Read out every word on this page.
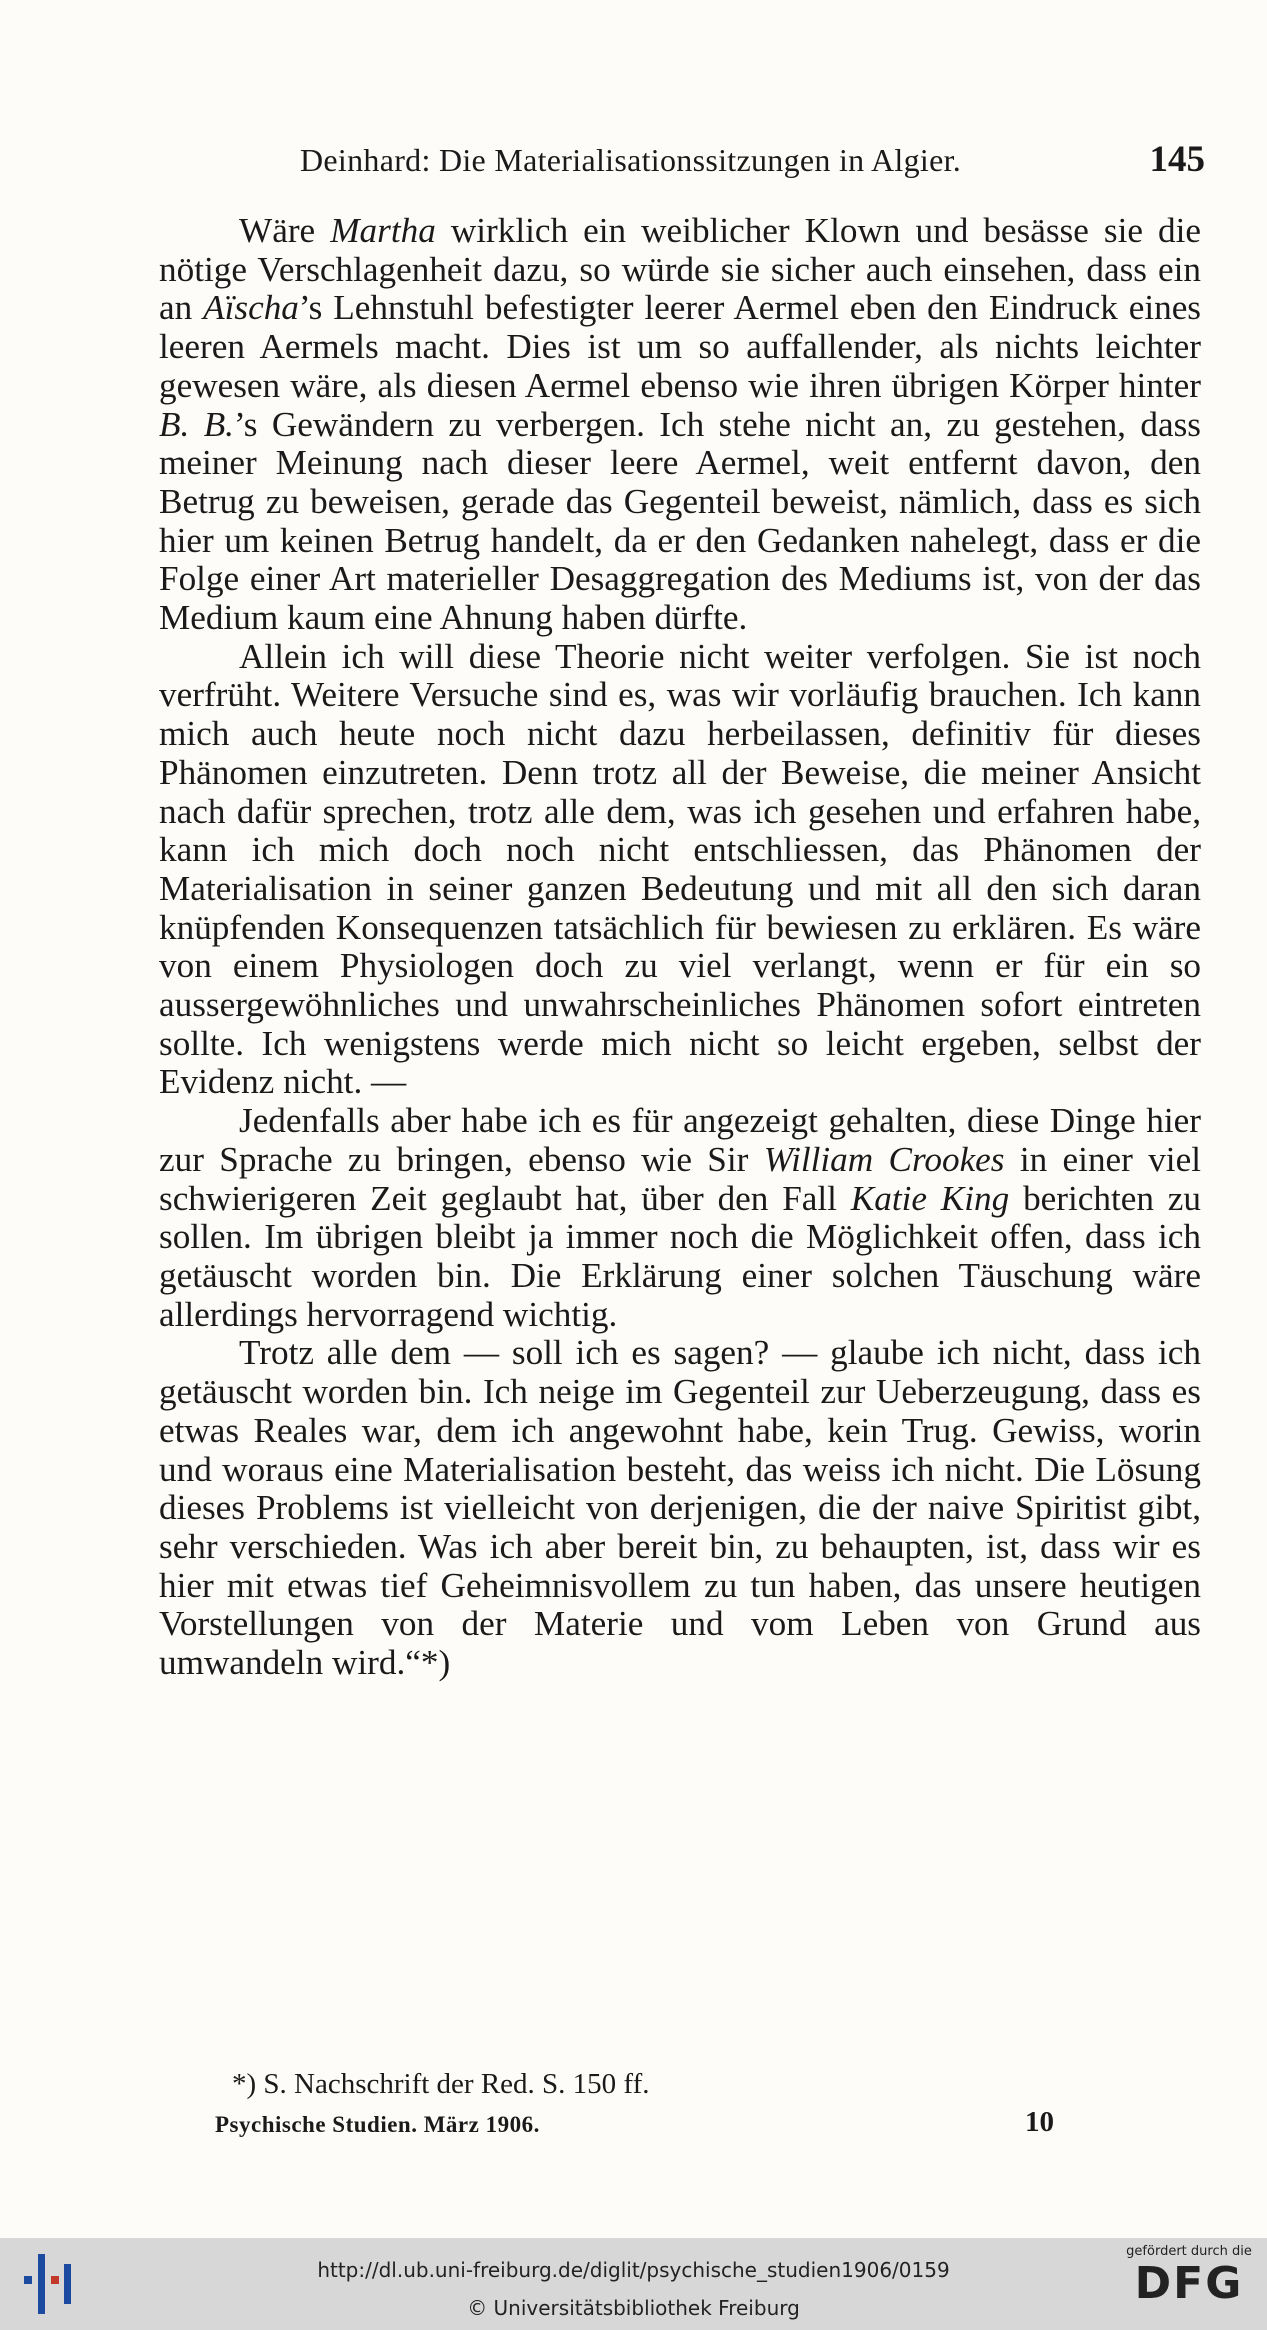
Deinhard: Die Materialisationssitzungen in Algier.	145

Wäre Martha wirklich ein weiblicher Klown und besässe sie die nötige Verschlagenheit dazu, so würde sie sicher auch einsehen, dass ein an Aïscha’s Lehnstuhl befestigter leerer Aermel eben den Eindruck eines leeren Aermels macht. Dies ist um so auffallender, als nichts leichter gewesen wäre, als diesen Aermel ebenso wie ihren übrigen Körper hinter B. B.’s Gewändern zu verbergen. Ich stehe nicht an, zu gestehen, dass meiner Meinung nach dieser leere Aermel, weit entfernt davon, den Betrug zu beweisen, gerade das Gegenteil beweist, nämlich, dass es sich hier um keinen Betrug handelt, da er den Gedanken nahelegt, dass er die Folge einer Art materieller Desaggregation des Mediums ist, von der das Medium kaum eine Ahnung haben dürfte.

Allein ich will diese Theorie nicht weiter verfolgen. Sie ist noch verfrüht. Weitere Versuche sind es, was wir vorläufig brauchen. Ich kann mich auch heute noch nicht dazu herbeilassen, definitiv für dieses Phänomen einzutreten. Denn trotz all der Beweise, die meiner Ansicht nach dafür sprechen, trotz alle dem, was ich gesehen und erfahren habe, kann ich mich doch noch nicht entschliessen, das Phänomen der Materialisation in seiner ganzen Bedeutung und mit all den sich daran knüpfenden Konsequenzen tatsächlich für bewiesen zu erklären. Es wäre von einem Physiologen doch zu viel verlangt, wenn er für ein so aussergewöhnliches und unwahrscheinliches Phänomen sofort eintreten sollte. Ich wenigstens werde mich nicht so leicht ergeben, selbst der Evidenz nicht. —

Jedenfalls aber habe ich es für angezeigt gehalten, diese Dinge hier zur Sprache zu bringen, ebenso wie Sir William Crookes in einer viel schwierigeren Zeit geglaubt hat, über den Fall Katie King berichten zu sollen. Im übrigen bleibt ja immer noch die Möglichkeit offen, dass ich getäuscht worden bin. Die Erklärung einer solchen Täuschung wäre allerdings hervorragend wichtig.

Trotz alle dem — soll ich es sagen? — glaube ich nicht, dass ich getäuscht worden bin. Ich neige im Gegenteil zur Ueberzeugung, dass es etwas Reales war, dem ich angewohnt habe, kein Trug. Gewiss, worin und woraus eine Materialisation besteht, das weiss ich nicht. Die Lösung dieses Problems ist vielleicht von derjenigen, die der naive Spiritist gibt, sehr verschieden. Was ich aber bereit bin, zu behaupten, ist, dass wir es hier mit etwas tief Geheimnisvollem zu tun haben, das unsere heutigen Vorstellungen von der Materie und vom Leben von Grund aus umwandeln wird.“*)

*) S. Nachschrift der Red. S. 150 ff.
Psychische Studien. März 1906.	10
http://dl.ub.uni-freiburg.de/diglit/psychische_studien1906/0159
© Universitätsbibliothek Freiburg
gefördert durch die
DFG
